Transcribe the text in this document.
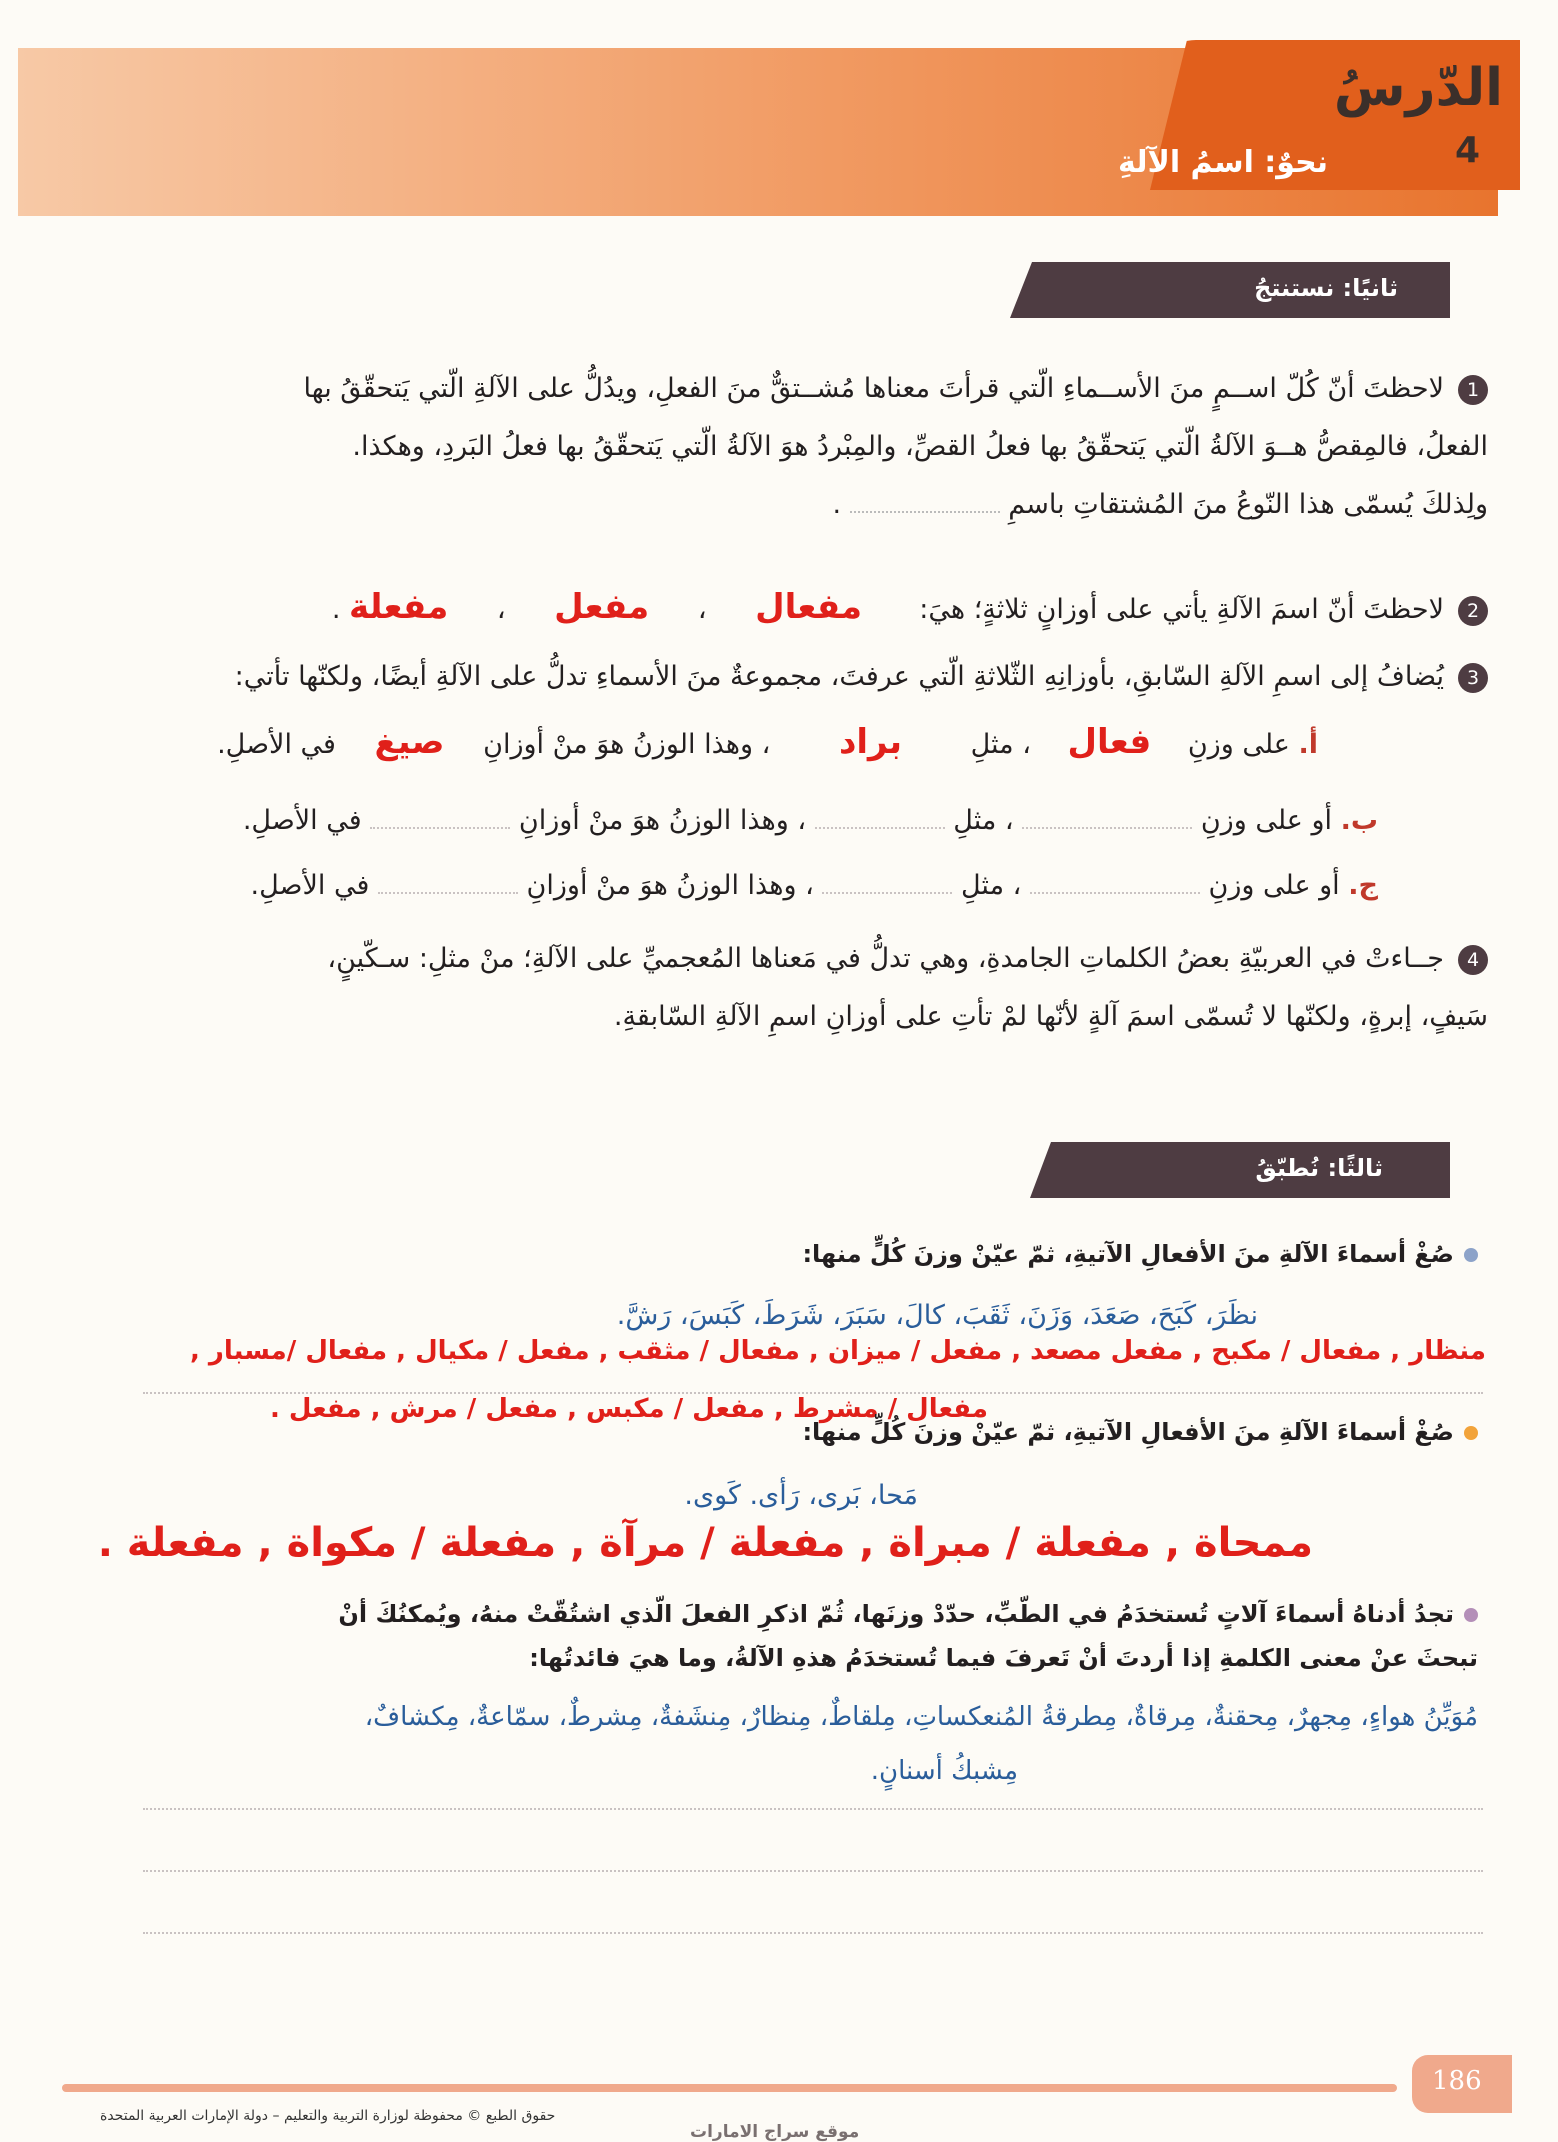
الدّرسُ
4
نحوٌ: اسمُ الآلةِ
ثانيًا: نستنتجُ
1لاحظتَ أنّ كُلّ اســمٍ منَ الأســماءِ الّتي قرأتَ معناها مُشــتقٌّ منَ الفعلِ، ويدُلُّ على الآلةِ الّتي يَتحقّقُ بها
الفعلُ، فالمِقصُّ هــوَ الآلةُ الّتي يَتحقّقُ بها فعلُ القصِّ، والمِبْردُ هوَ الآلةُ الّتي يَتحقّقُ بها فعلُ البَردِ، وهكذا.
ولِذلكَ يُسمّى هذا النّوعُ منَ المُشتقاتِ باسمِ  .
2لاحظتَ أنّ اسمَ الآلةِ يأتي على أوزانٍ ثلاثةٍ؛ هيَ:  مفعال ، مفعل ، مفعلة .
3يُضافُ إلى اسمِ الآلةِ السّابقِ، بأوزانِهِ الثّلاثةِ الّتي عرفتَ، مجموعةٌ منَ الأسماءِ تدلُّ على الآلةِ أيضًا، ولكنّها تأتي:
أ. على وزنِ فعال ، مثلِ براد ، وهذا الوزنُ هوَ منْ أوزانِ صيغ في الأصلِ.
ب. أو على وزنِ  ، مثلِ  ، وهذا الوزنُ هوَ منْ أوزانِ  في الأصلِ.
ج. أو على وزنِ  ، مثلِ  ، وهذا الوزنُ هوَ منْ أوزانِ  في الأصلِ.
4جــاءتْ في العربيّةِ بعضُ الكلماتِ الجامدةِ، وهي تدلُّ في مَعناها المُعجميِّ على الآلةِ؛ منْ مثلِ: سـكّينٍ،
سَيفٍ، إبرةٍ، ولكنّها لا تُسمّى اسمَ آلةٍ لأنّها لمْ تأتِ على أوزانِ اسمِ الآلةِ السّابقةِ.
ثالثًا: نُطبّقُ
صُغْ أسماءَ الآلةِ منَ الأفعالِ الآتيةِ، ثمّ عيّنْ وزنَ كُلٍّ منها:
نظَرَ، كَبَحَ، صَعَدَ، وَزَنَ، ثَقَبَ، كالَ، سَبَرَ، شَرَطَ، كَبَسَ، رَشَّ.
منظار , مفعال / مكبح , مفعل مصعد , مفعل / ميزان , مفعال / مثقب , مفعل / مكيال , مفعال /مسبار ,
مفعال / مشرط , مفعل / مكبس , مفعل / مرش , مفعل .
صُغْ أسماءَ الآلةِ منَ الأفعالِ الآتيةِ، ثمّ عيّنْ وزنَ كُلٍّ منها:
مَحا، بَرى، رَأى. كَوى.
ممحاة , مفعلة / مبراة , مفعلة / مرآة , مفعلة / مكواة , مفعلة .
تجدُ أدناهُ أسماءَ آلاتٍ تُستخدَمُ في الطّبِّ، حدّدْ وزنَها، ثُمّ اذكرِ الفعلَ الّذي اشتُقّتْ منهُ، ويُمكنُكَ أنْ
تبحثَ عنْ معنى الكلمةِ إذا أردتَ أنْ تَعرفَ فيما تُستخدَمُ هذهِ الآلةُ، وما هيَ فائدتُها:
مُوَيِّنُ هواءٍ، مِجهرٌ، مِحقنةٌ، مِرقاةٌ، مِطرقةُ المُنعكساتِ، مِلقاطٌ، مِنظارٌ، مِنشَفةٌ، مِشرطٌ، سمّاعةٌ، مِكشافٌ،
مِشبكُ أسنانٍ.
186
حقوق الطبع © محفوظة لوزارة التربية والتعليم – دولة الإمارات العربية المتحدة
موقع سراج الامارات
